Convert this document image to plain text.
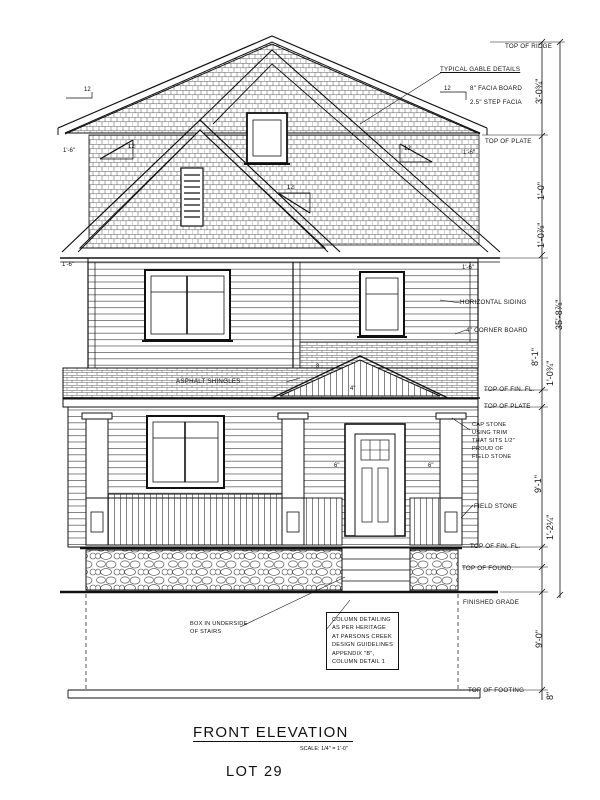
TOP OF RIDGE
TOP OF PLATE
TOP OF FIN. FL.
TOP OF PLATE
TOP OF FIN. FL.
TOP OF FOUND.
FINISHED GRADE
TOP OF FOOTING
3'-0¾"
1'-0"
1'-0⅞"
35'-8⅞"
8'-1"
1'-0¾"
9'-1"
1'-2¼"
9'-0"
8"
TYPICAL GABLE DETAILS
8" FACIA BOARD
2.5" STEP FACIA
HORIZONTAL SIDING
4" CORNER BOARD
ASPHALT SHINGLES
CAP STONE
USING TRIM
THAT SITS 1/2"
PROUD OF
FIELD STONE
FIELD STONE
BOX IN UNDERSIDE
OF STAIRS
COLUMN DETAILING
AS PER HERITAGE
AT PARSONS CREEK
DESIGN GUIDELINES
APPENDIX "B",
COLUMN DETAIL 1
1'-6"	1'-6"
1'-6"	1'-6"
4"
6"	6"
12	12
12
12	12
8
FRONT ELEVATION
SCALE: 1/4" = 1'-0"
LOT 29
